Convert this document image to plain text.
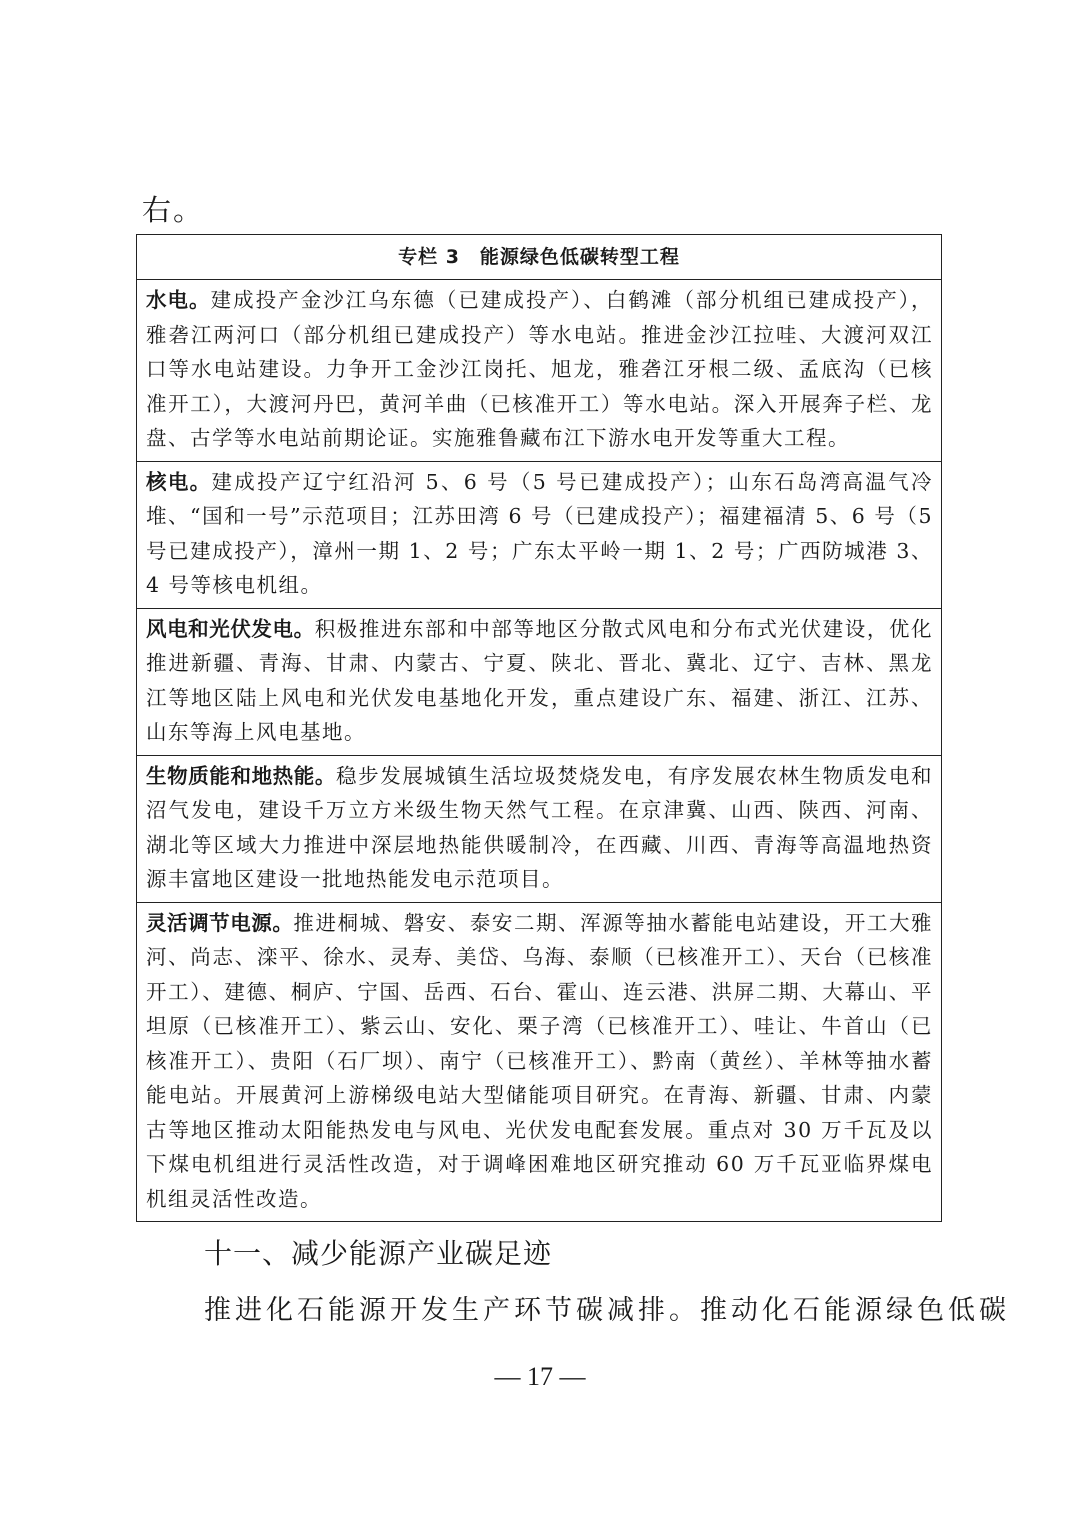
右。
专栏 3　能源绿色低碳转型工程
水电。建成投产金沙江乌东德（已建成投产）、白鹤滩（部分机组已建成投产），雅砻江两河口（部分机组已建成投产）等水电站。推进金沙江拉哇、大渡河双江口等水电站建设。力争开工金沙江岗托、旭龙，雅砻江牙根二级、孟底沟（已核准开工），大渡河丹巴，黄河羊曲（已核准开工）等水电站。深入开展奔子栏、龙盘、古学等水电站前期论证。实施雅鲁藏布江下游水电开发等重大工程。
核电。建成投产辽宁红沿河 5、6 号（5 号已建成投产）；山东石岛湾高温气冷堆、“国和一号”示范项目；江苏田湾 6 号（已建成投产）；福建福清 5、6 号（5 号已建成投产），漳州一期 1、2 号；广东太平岭一期 1、2 号；广西防城港 3、4 号等核电机组。
风电和光伏发电。积极推进东部和中部等地区分散式风电和分布式光伏建设，优化推进新疆、青海、甘肃、内蒙古、宁夏、陕北、晋北、冀北、辽宁、吉林、黑龙江等地区陆上风电和光伏发电基地化开发，重点建设广东、福建、浙江、江苏、山东等海上风电基地。
生物质能和地热能。稳步发展城镇生活垃圾焚烧发电，有序发展农林生物质发电和沼气发电，建设千万立方米级生物天然气工程。在京津冀、山西、陕西、河南、湖北等区域大力推进中深层地热能供暖制冷，在西藏、川西、青海等高温地热资源丰富地区建设一批地热能发电示范项目。
灵活调节电源。推进桐城、磐安、泰安二期、浑源等抽水蓄能电站建设，开工大雅河、尚志、滦平、徐水、灵寿、美岱、乌海、泰顺（已核准开工）、天台（已核准开工）、建德、桐庐、宁国、岳西、石台、霍山、连云港、洪屏二期、大幕山、平坦原（已核准开工）、紫云山、安化、栗子湾（已核准开工）、哇让、牛首山（已核准开工）、贵阳（石厂坝）、南宁（已核准开工）、黔南（黄丝）、羊林等抽水蓄能电站。开展黄河上游梯级电站大型储能项目研究。在青海、新疆、甘肃、内蒙古等地区推动太阳能热发电与风电、光伏发电配套发展。重点对 30 万千瓦及以下煤电机组进行灵活性改造，对于调峰困难地区研究推动 60 万千瓦亚临界煤电机组灵活性改造。
十一、减少能源产业碳足迹
推进化石能源开发生产环节碳减排。推动化石能源绿色低碳
— 17 —
